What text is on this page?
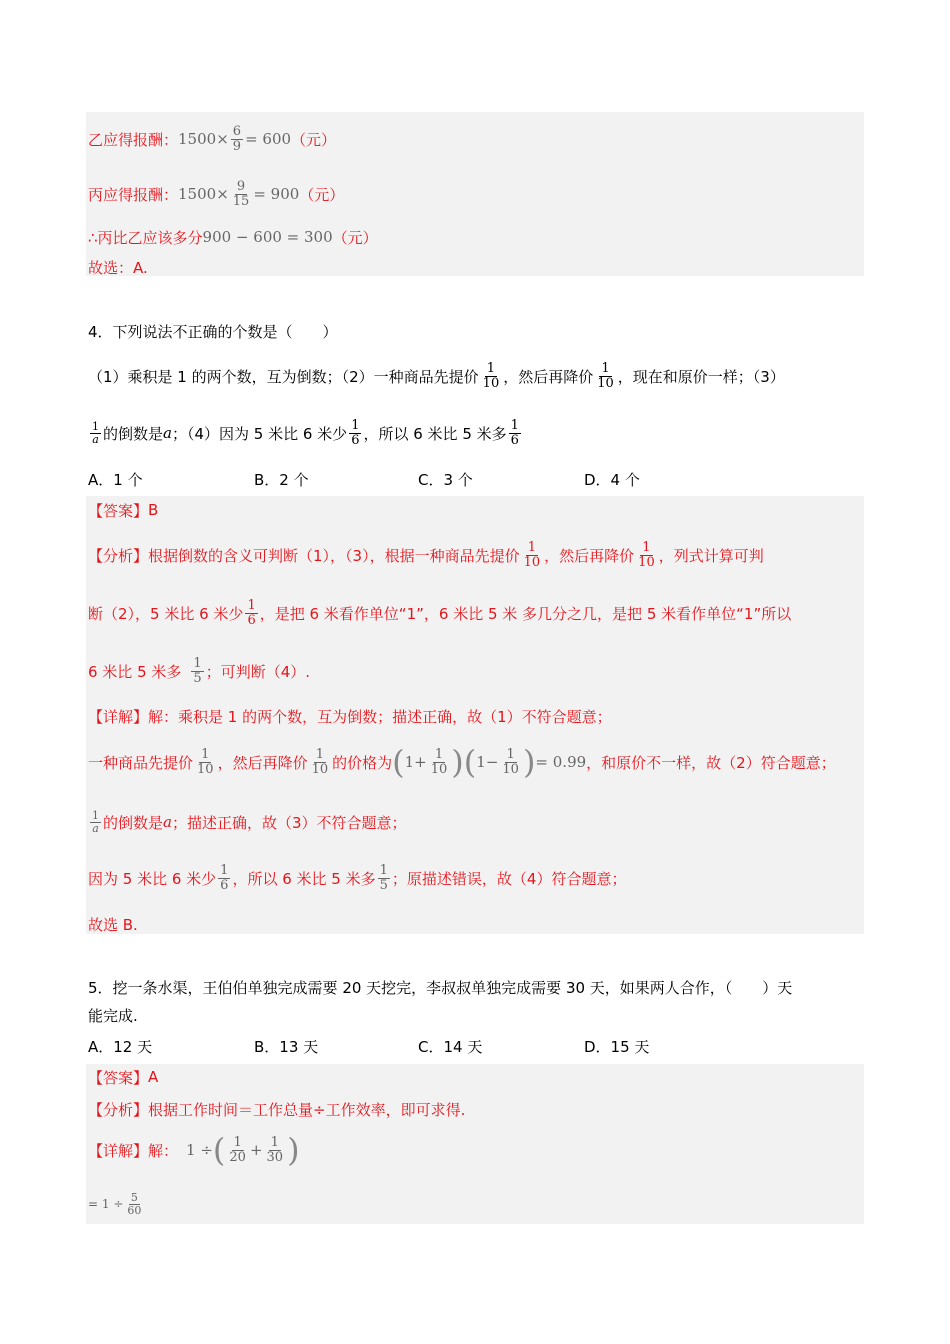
乙应得报酬： $1500 \times \frac{6}{9} = 600$ （元）
丙应得报酬： $1500 \times \frac{9}{15} = 900$ （元）
∴丙比乙应该多分 900 − 600 = 300 （元）
故选：A.
4．下列说法不正确的个数是（　　）
（1）乘积是 1 的两个数，互为倒数；（2）一种商品先提价 $\frac{1}{10}$ ，然后再降价 $\frac{1}{10}$ ，现在和原价一样；（3）
$\frac{1}{a}$ 的倒数是 a ；（4）因为 5 米比 6 米少 $\frac{1}{6}$ ，所以 6 米比 5 米多 $\frac{1}{6}$
A．1 个	B．2 个	C．3 个	D．4 个
【答案】 B
【分析】 根据倒数的含义可判断（1），（3），根据一种商品先提价 $\frac{1}{10}$ ，然后再降价 $\frac{1}{10}$ ，列式计算可判
断（2），5 米比 6 米少 $\frac{1}{6}$ ，是把 6 米看作单位“1”，6 米比 5 米 多几分之几，是把 5 米看作单位“1”所以
6 米比 5 米多 $\frac{1}{5}$ ；可判断（4）.
【详解】 解：乘积是 1 的两个数，互为倒数；描述正确，故（1）不符合题意；
一种商品先提价 $\frac{1}{10}$ ，然后再降价 $\frac{1}{10}$ 的价格为 ( $1 + \frac{1}{10}$ )( $1 - \frac{1}{10}$ ) = 0.99 ，和原价不一样，故（2）符合题意；
$\frac{1}{a}$ 的倒数是 a ；描述正确，故（3）不符合题意；
因为 5 米比 6 米少 $\frac{1}{6}$ ，所以 6 米比 5 米多 $\frac{1}{5}$ ；原描述错误，故（4）符合题意；
故选 B.
5．挖一条水渠，王伯伯单独完成需要 20 天挖完，李叔叔单独完成需要 30 天，如果两人合作，（　　）天
能完成.
A．12 天	B．13 天	C．14 天	D．15 天
【答案】 A
【分析】 根据工作时间＝工作总量÷工作效率，即可求得.
【详解】 解： 1 ÷ ( $\frac{1}{20} + \frac{1}{30}$ )
= $1 \div \frac{5}{60}$
